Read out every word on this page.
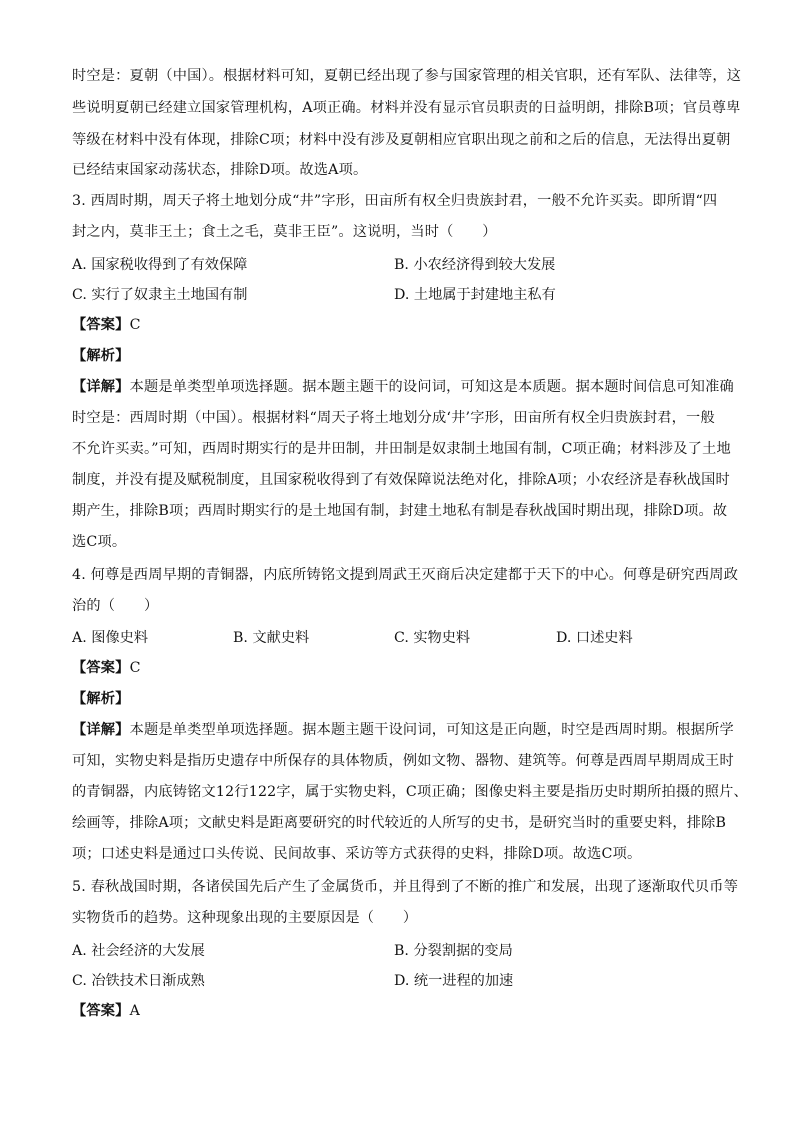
时空是：夏朝（中国）。根据材料可知，夏朝已经出现了参与国家管理的相关官职，还有军队、法律等，这
些说明夏朝已经建立国家管理机构，A项正确。材料并没有显示官员职责的日益明朗，排除B项；官员尊卑
等级在材料中没有体现，排除C项；材料中没有涉及夏朝相应官职出现之前和之后的信息，无法得出夏朝
已经结束国家动荡状态，排除D项。故选A项。
3. 西周时期，周天子将土地划分成“井”字形，田亩所有权全归贵族封君，一般不允许买卖。即所谓“四
封之内，莫非王土；食土之毛，莫非王臣”。这说明，当时（　　）
A. 国家税收得到了有效保障	B. 小农经济得到较大发展
C. 实行了奴隶主土地国有制	D. 土地属于封建地主私有
【答案】C
【解析】
【详解】本题是单类型单项选择题。据本题主题干的设问词，可知这是本质题。据本题时间信息可知准确
时空是：西周时期（中国）。根据材料“周天子将土地划分成‘井’字形，田亩所有权全归贵族封君，一般
不允许买卖。”可知，西周时期实行的是井田制，井田制是奴隶制土地国有制，C项正确；材料涉及了土地
制度，并没有提及赋税制度，且国家税收得到了有效保障说法绝对化，排除A项；小农经济是春秋战国时
期产生，排除B项；西周时期实行的是土地国有制，封建土地私有制是春秋战国时期出现，排除D项。故
选C项。
4. 何尊是西周早期的青铜器，内底所铸铭文提到周武王灭商后决定建都于天下的中心。何尊是研究西周政
治的（　　）
A. 图像史料	B. 文献史料	C. 实物史料	D. 口述史料
【答案】C
【解析】
【详解】本题是单类型单项选择题。据本题主题干设问词，可知这是正向题，时空是西周时期。根据所学
可知，实物史料是指历史遗存中所保存的具体物质，例如文物、器物、建筑等。何尊是西周早期周成王时
的青铜器，内底铸铭文12行122字，属于实物史料，C项正确；图像史料主要是指历史时期所拍摄的照片、
绘画等，排除A项；文献史料是距离要研究的时代较近的人所写的史书，是研究当时的重要史料，排除B
项；口述史料是通过口头传说、民间故事、采访等方式获得的史料，排除D项。故选C项。
5. 春秋战国时期，各诸侯国先后产生了金属货币，并且得到了不断的推广和发展，出现了逐渐取代贝币等
实物货币的趋势。这种现象出现的主要原因是（　　）
A. 社会经济的大发展	B. 分裂割据的变局
C. 冶铁技术日渐成熟	D. 统一进程的加速
【答案】A
